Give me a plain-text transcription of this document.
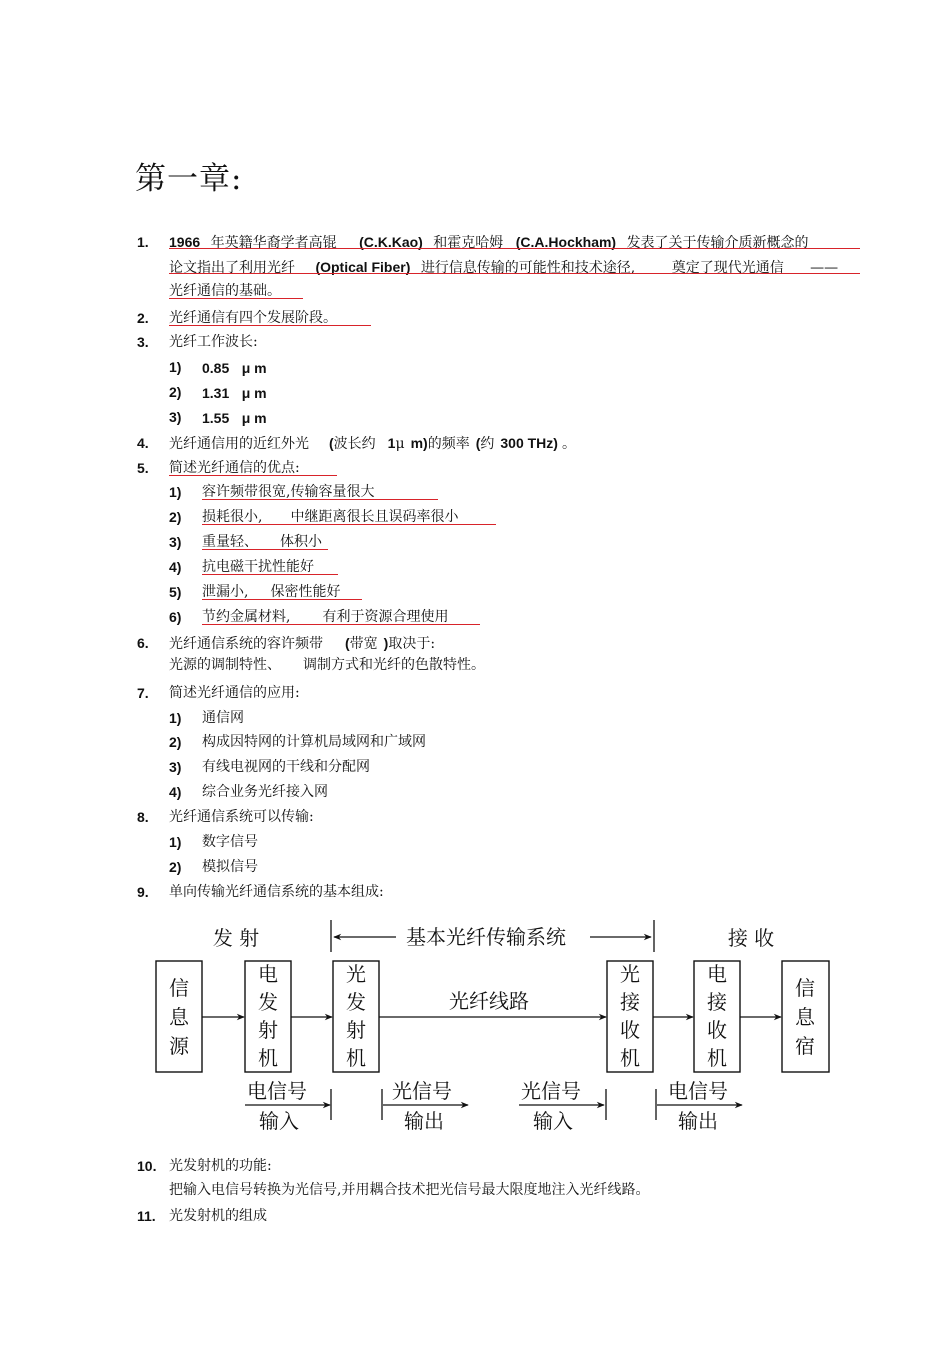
第一章:
1. 1966 年英籍华裔学者高锟 (C.K.Kao) 和霍克哈姆 (C.A.Hockham) 发表了关于传输介质新概念的
论文指出了利用光纤 (Optical Fiber) 进行信息传输的可能性和技术途径,	奠定了现代光通信 ——
光纤通信的基础。
2. 光纤通信有四个发展阶段。
3. 光纤工作波长:
1) 0.85 μ m
2) 1.31 μ m
3) 1.55 μ m
4. 光纤通信用的近红外光 (波长约 1μ m)的频率 (约 300 THz) 。
5. 简述光纤通信的优点:
1) 容许频带很宽,传输容量很大
2) 损耗很小, 中继距离很长且误码率很小
3) 重量轻、 体积小
4) 抗电磁干扰性能好
5) 泄漏小, 保密性能好
6) 节约金属材料, 有利于资源合理使用
6. 光纤通信系统的容许频带 (带宽 )取决于:
光源的调制特性、 调制方式和光纤的色散特性。
7. 简述光纤通信的应用:
1) 通信网
2) 构成因特网的计算机局域网和广域网
3) 有线电视网的干线和分配网
4) 综合业务光纤接入网
8. 光纤通信系统可以传输:
1) 数字信号
2) 模拟信号
9. 单向传输光纤通信系统的基本组成:
发 射	基本光纤传输系统	接 收
信
息
源
电
发
射
机
光
发
射
机
光
接
收
机
电
接
收
机
信
息
宿
光纤线路
电信号
输入
光信号
输出
光信号
输入
电信号
输出
10. 光发射机的功能:
把输入电信号转换为光信号,并用耦合技术把光信号最大限度地注入光纤线路。
11. 光发射机的组成
